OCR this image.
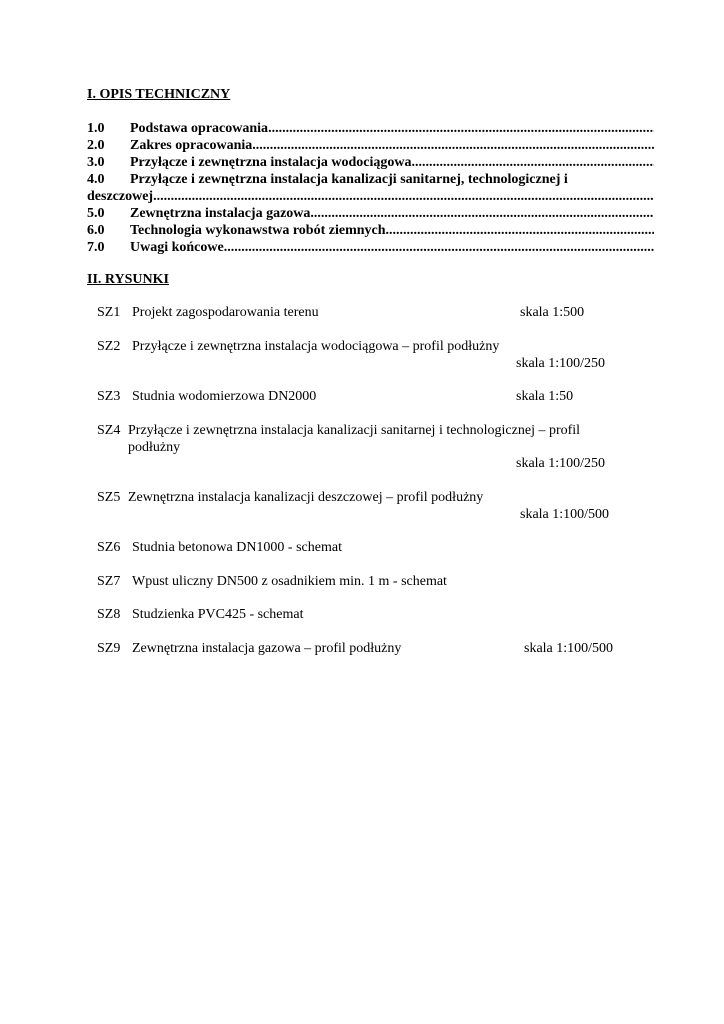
I. OPIS TECHNICZNY
1.0	Podstawa opracowania
.....
2.0	Zakres opracowania
.....
3.0	Przyłącze i zewnętrzna instalacja wodociągowa
.....
4.0 Przyłącze i zewnętrzna instalacja kanalizacji sanitarnej, technologicznej i
deszczowej
.....
5.0	Zewnętrzna instalacja gazowa
.....
6.0	Technologia wykonawstwa robót ziemnych
.....
7.0	Uwagi końcowe
.....
II. RYSUNKI
SZ1 Projekt zagospodarowania terenu	skala 1:500
SZ2 Przyłącze i zewnętrzna instalacja wodociągowa – profil podłużny
skala 1:100/250
SZ3 Studnia wodomierzowa DN2000	skala 1:50
SZ4 Przyłącze i zewnętrzna instalacja kanalizacji sanitarnej i technologicznej – profil
podłużny
skala 1:100/250
SZ5 Zewnętrzna instalacja kanalizacji deszczowej – profil podłużny
skala 1:100/500
SZ6 Studnia betonowa DN1000 - schemat
SZ7 Wpust uliczny DN500 z osadnikiem min. 1 m - schemat
SZ8 Studzienka PVC425 - schemat
SZ9 Zewnętrzna instalacja gazowa – profil podłużny	skala 1:100/500
